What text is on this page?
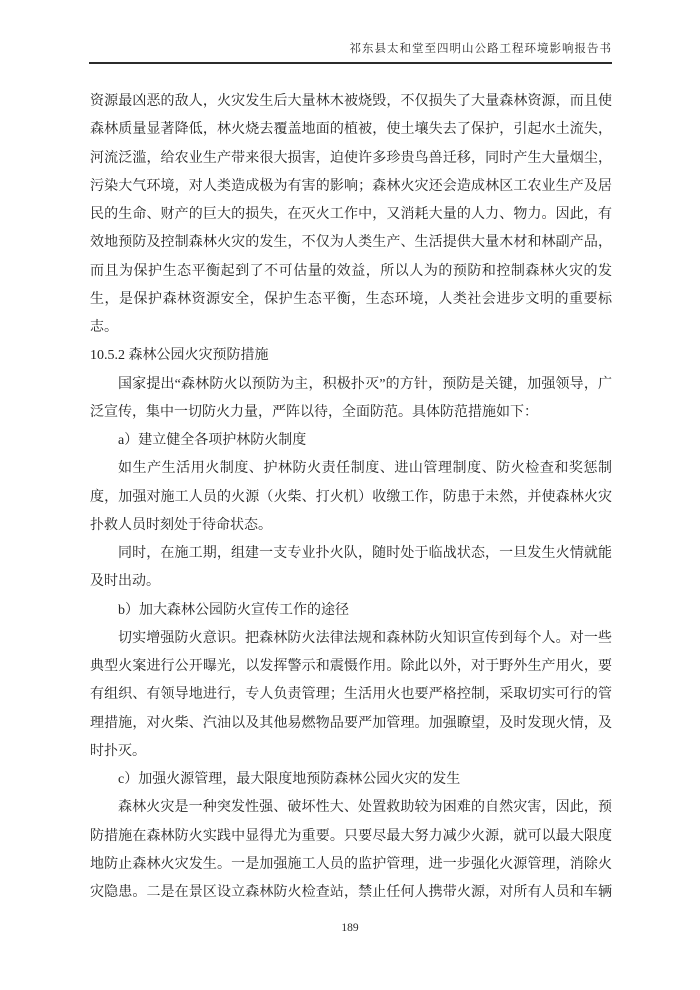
祁东县太和堂至四明山公路工程环境影响报告书

资源最凶恶的敌人，火灾发生后大量林木被烧毁，不仅损失了大量森林资源，而且使森林质量显著降低，林火烧去覆盖地面的植被，使土壤失去了保护，引起水土流失，河流泛滥，给农业生产带来很大损害，迫使许多珍贵鸟兽迁移，同时产生大量烟尘，污染大气环境，对人类造成极为有害的影响；森林火灾还会造成林区工农业生产及居民的生命、财产的巨大的损失，在灭火工作中，又消耗大量的人力、物力。因此，有效地预防及控制森林火灾的发生，不仅为人类生产、生活提供大量木材和林副产品，而且为保护生态平衡起到了不可估量的效益，所以人为的预防和控制森林火灾的发生，是保护森林资源安全，保护生态平衡，生态环境，人类社会进步文明的重要标志。

10.5.2 森林公园火灾预防措施

国家提出“森林防火以预防为主，积极扑灭”的方针，预防是关键，加强领导，广泛宣传，集中一切防火力量，严阵以待，全面防范。具体防范措施如下：

a）建立健全各项护林防火制度

如生产生活用火制度、护林防火责任制度、进山管理制度、防火检查和奖惩制度，加强对施工人员的火源（火柴、打火机）收缴工作，防患于未然，并使森林火灾扑救人员时刻处于待命状态。

同时，在施工期，组建一支专业扑火队，随时处于临战状态，一旦发生火情就能及时出动。

b）加大森林公园防火宣传工作的途径

切实增强防火意识。把森林防火法律法规和森林防火知识宣传到每个人。对一些典型火案进行公开曝光，以发挥警示和震慑作用。除此以外，对于野外生产用火，要有组织、有领导地进行，专人负责管理；生活用火也要严格控制，采取切实可行的管理措施，对火柴、汽油以及其他易燃物品要严加管理。加强瞭望，及时发现火情，及时扑灭。

c）加强火源管理，最大限度地预防森林公园火灾的发生

森林火灾是一种突发性强、破坏性大、处置救助较为困难的自然灾害，因此，预防措施在森林防火实践中显得尤为重要。只要尽最大努力减少火源，就可以最大限度地防止森林火灾发生。一是加强施工人员的监护管理，进一步强化火源管理，消除火灾隐患。二是在景区设立森林防火检查站，禁止任何人携带火源，对所有人员和车辆

189
